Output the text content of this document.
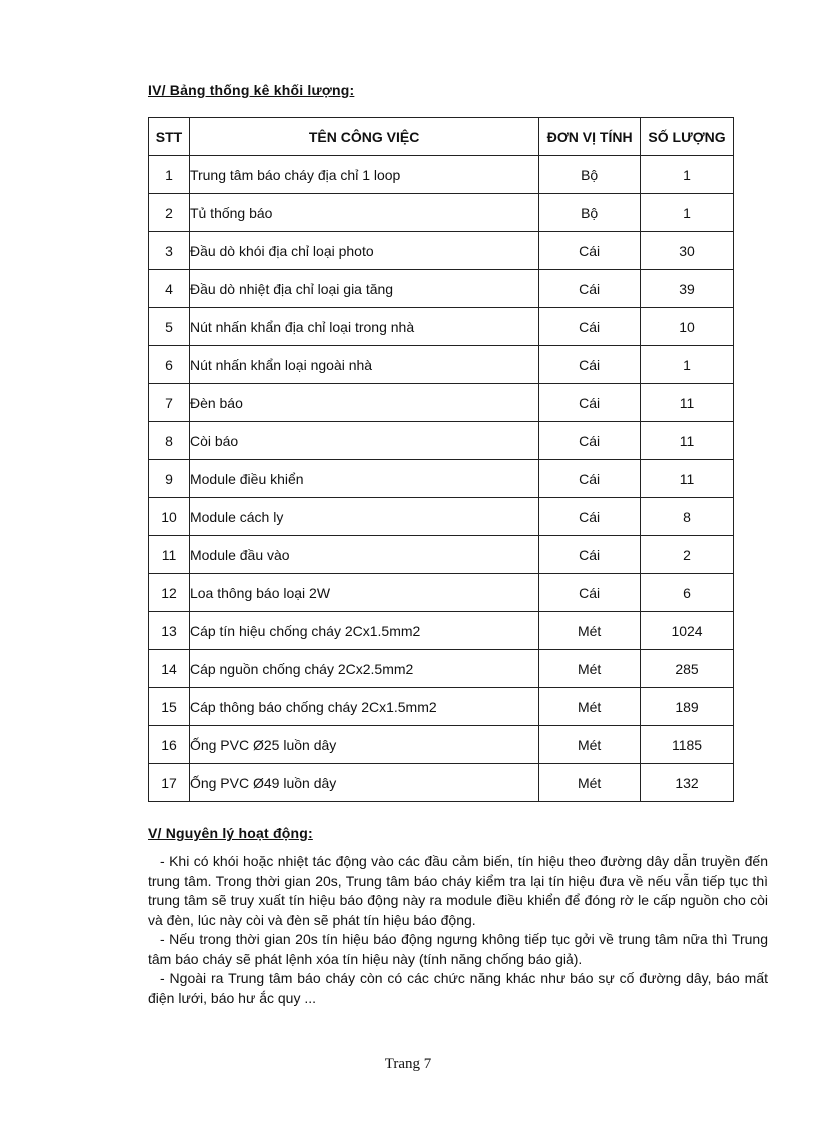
IV/ Bảng thống kê khối lượng:
STT	TÊN CÔNG VIỆC	ĐƠN VỊ TÍNH	SỐ LƯỢNG
1	Trung tâm báo cháy địa chỉ 1 loop	Bộ	1
2	Tủ thống báo	Bộ	1
3	Đầu dò khói địa chỉ loại photo	Cái	30
4	Đầu dò nhiệt địa chỉ loại gia tăng	Cái	39
5	Nút nhấn khẩn địa chỉ loại trong nhà	Cái	10
6	Nút nhấn khẩn loại ngoài nhà	Cái	1
7	Đèn báo	Cái	11
8	Còi báo	Cái	11
9	Module điều khiển	Cái	11
10	Module cách ly	Cái	8
11	Module đầu vào	Cái	2
12	Loa thông báo loại 2W	Cái	6
13	Cáp tín hiệu chống cháy 2Cx1.5mm2	Mét	1024
14	Cáp nguồn chống cháy 2Cx2.5mm2	Mét	285
15	Cáp thông báo chống cháy 2Cx1.5mm2	Mét	189
16	Ống PVC Ø25 luồn dây	Mét	1185
17	Ống PVC Ø49 luồn dây	Mét	132
V/ Nguyên lý hoạt động:

- Khi có khói hoặc nhiệt tác động vào các đầu cảm biến, tín hiệu theo đường dây dẫn truyền đến trung tâm. Trong thời gian 20s, Trung tâm báo cháy kiểm tra lại tín hiệu đưa về nếu vẫn tiếp tục thì trung tâm sẽ truy xuất tín hiệu báo động này ra module điều khiển để đóng rờ le cấp nguồn cho còi và đèn, lúc này còi và đèn sẽ phát tín hiệu báo động.

- Nếu trong thời gian 20s tín hiệu báo động ngưng không tiếp tục gởi về trung tâm nữa thì Trung tâm báo cháy sẽ phát lệnh xóa tín hiệu này (tính năng chống báo giả).

- Ngoài ra Trung tâm báo cháy còn có các chức năng khác như báo sự cố đường dây, báo mất điện lưới, báo hư ắc quy ...

Trang 7
